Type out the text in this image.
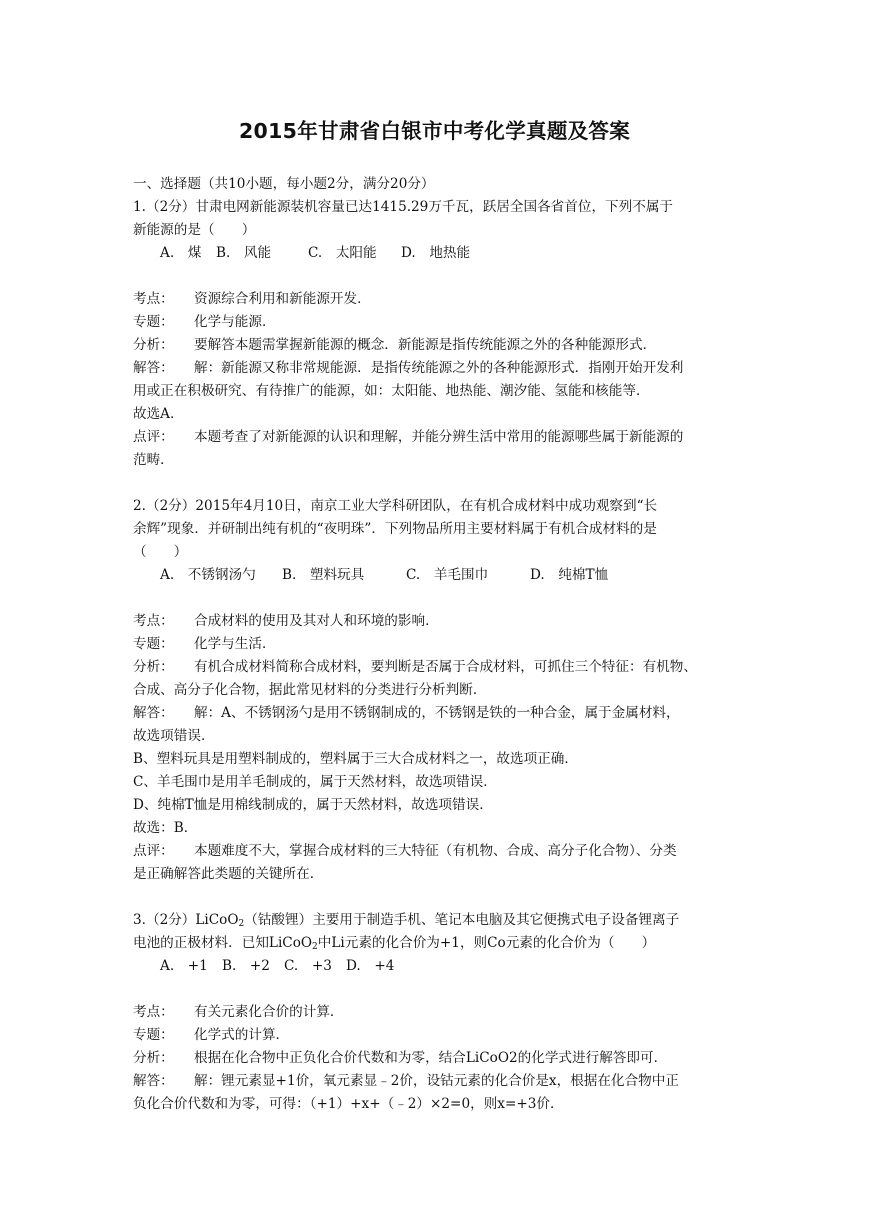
2015年甘肃省白银市中考化学真题及答案
一、选择题（共10小题，每小题2分，满分20分）
1.（2分）甘肃电网新能源装机容量已达1415.29万千瓦，跃居全国各省首位，下列不属于
新能源的是（　　）
A.　煤 B.　风能	C.　太阳能 D.　地热能
考点： 资源综合利用和新能源开发．
专题： 化学与能源．
分析： 要解答本题需掌握新能源的概念．新能源是指传统能源之外的各种能源形式．
解答： 解：新能源又称非常规能源．是指传统能源之外的各种能源形式．指刚开始开发利
用或正在积极研究、有待推广的能源，如：太阳能、地热能、潮汐能、氢能和核能等．
故选A．
点评： 本题考查了对新能源的认识和理解，并能分辨生活中常用的能源哪些属于新能源的
范畴．
2.（2分）2015年4月10日，南京工业大学科研团队，在有机合成材料中成功观察到“长
余辉”现象．并研制出纯有机的“夜明珠”．下列物品所用主要材料属于有机合成材料的是
（　　）
A.　不锈钢汤勺 B.　塑料玩具	C.　羊毛围巾	D.　纯棉T恤
考点： 合成材料的使用及其对人和环境的影响．
专题： 化学与生活．
分析： 有机合成材料简称合成材料，要判断是否属于合成材料，可抓住三个特征：有机物、
合成、高分子化合物，据此常见材料的分类进行分析判断．
解答： 解：A、不锈钢汤勺是用不锈钢制成的，不锈钢是铁的一种合金，属于金属材料，
故选项错误．
B、塑料玩具是用塑料制成的，塑料属于三大合成材料之一，故选项正确．
C、羊毛围巾是用羊毛制成的，属于天然材料，故选项错误．
D、纯棉T恤是用棉线制成的，属于天然材料，故选项错误．
故选：B．
点评： 本题难度不大，掌握合成材料的三大特征（有机物、合成、高分子化合物）、分类
是正确解答此类题的关键所在．
3.（2分）LiCoO$_2$（钴酸锂）主要用于制造手机、笔记本电脑及其它便携式电子设备锂离子
电池的正极材料．已知LiCoO$_2$中Li元素的化合价为+1，则Co元素的化合价为（　　）
A.　+1 B.　+2 C.　+3 D.　+4
考点： 有关元素化合价的计算．
专题： 化学式的计算．
分析： 根据在化合物中正负化合价代数和为零，结合LiCoO2的化学式进行解答即可．
解答： 解：锂元素显+1价，氧元素显﹣2价，设钴元素的化合价是x，根据在化合物中正
负化合价代数和为零，可得：（+1）+x+（﹣2）×2=0，则x=+3价．
